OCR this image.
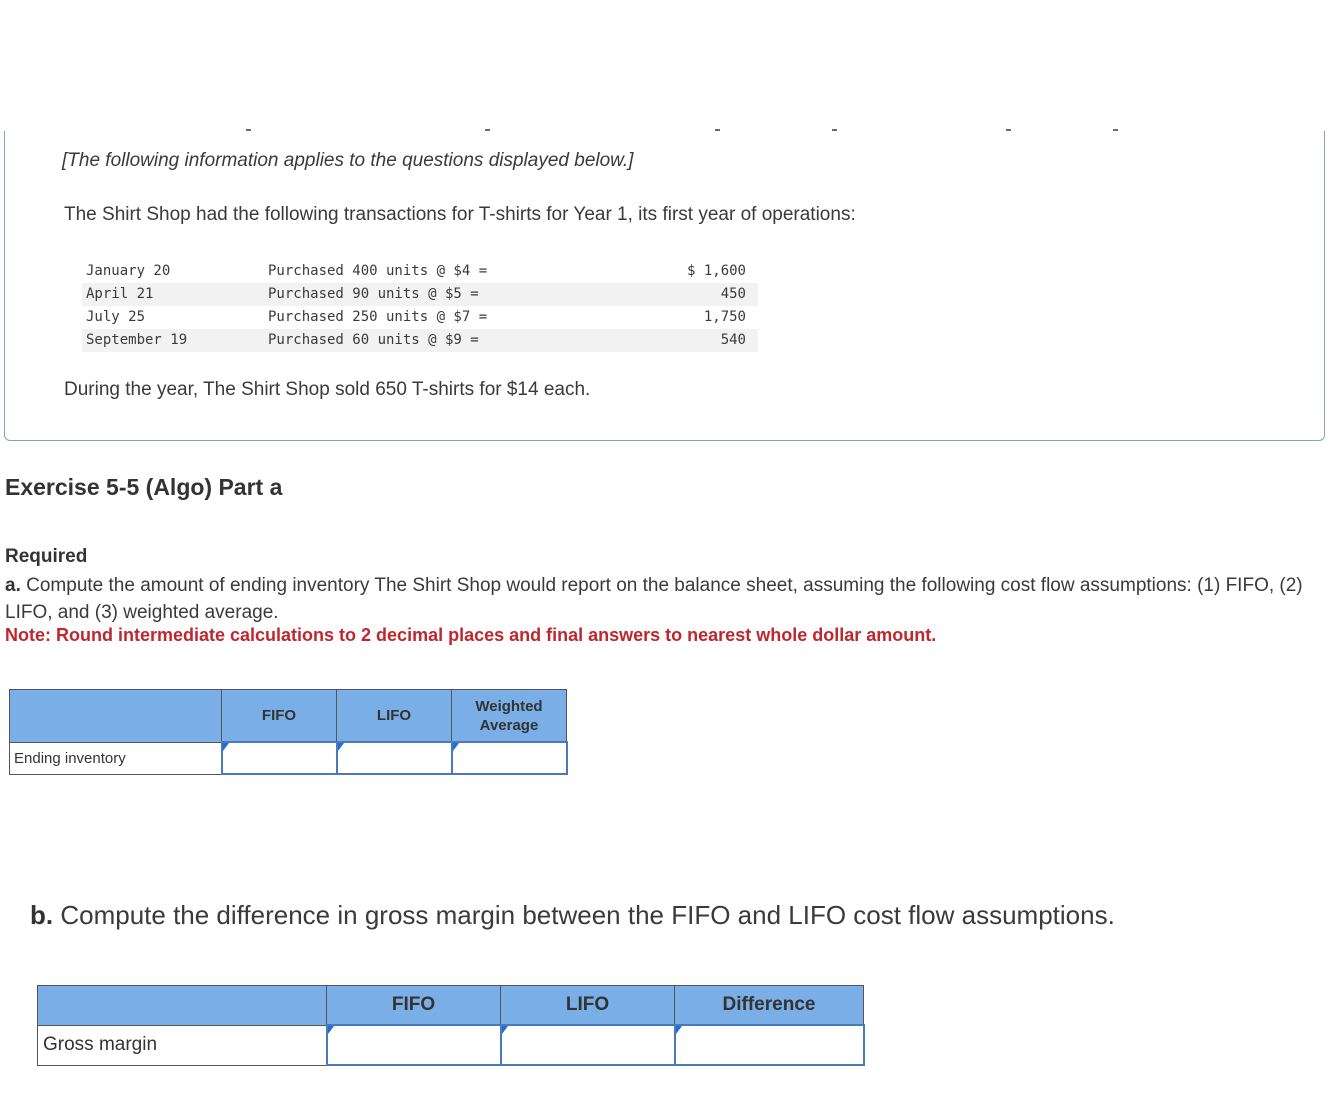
[The following information applies to the questions displayed below.]
The Shirt Shop had the following transactions for T-shirts for Year 1, its first year of operations:
January 20	Purchased 400 units @ $4 =	$ 1,600
April 21	Purchased 90 units @ $5 =	450
July 25	Purchased 250 units @ $7 =	1,750
September 19	Purchased 60 units @ $9 =	540
During the year, The Shirt Shop sold 650 T-shirts for $14 each.
Exercise 5-5 (Algo) Part a
Required
a. Compute the amount of ending inventory The Shirt Shop would report on the balance sheet, assuming the following cost flow assumptions: (1) FIFO, (2) LIFO, and (3) weighted average.
Note: Round intermediate calculations to 2 decimal places and final answers to nearest whole dollar amount.
	FIFO	LIFO	Weighted Average
Ending inventory			
b. Compute the difference in gross margin between the FIFO and LIFO cost flow assumptions.
	FIFO	LIFO	Difference
Gross margin			
